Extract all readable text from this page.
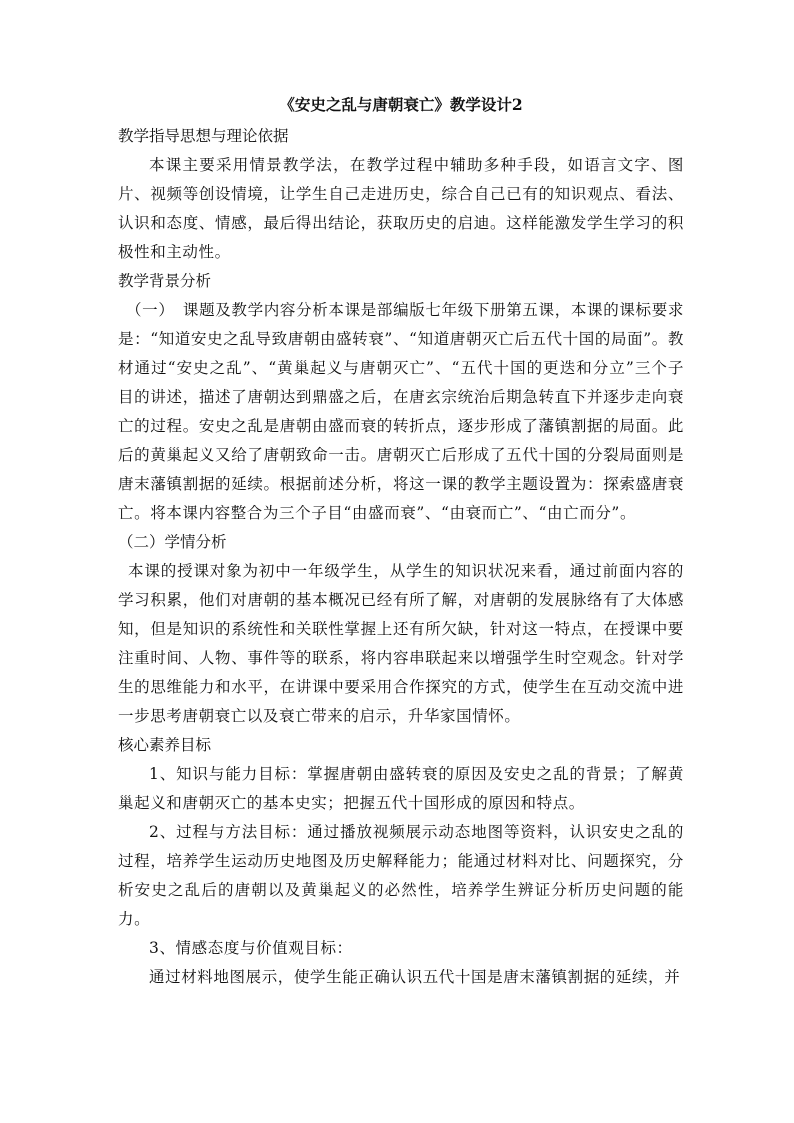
《安史之乱与唐朝衰亡》教学设计2
教学指导思想与理论依据

本课主要采用情景教学法，在教学过程中辅助多种手段，如语言文字、图片、视频等创设情境，让学生自己走进历史，综合自己已有的知识观点、看法、认识和态度、情感，最后得出结论，获取历史的启迪。这样能激发学生学习的积极性和主动性。

教学背景分析

（一）　课题及教学内容分析本课是部编版七年级下册第五课，本课的课标要求是：“知道安史之乱导致唐朝由盛转衰”、“知道唐朝灭亡后五代十国的局面”。教材通过“安史之乱”、“黄巢起义与唐朝灭亡”、“五代十国的更迭和分立”三个子目的讲述，描述了唐朝达到鼎盛之后，在唐玄宗统治后期急转直下并逐步走向衰亡的过程。安史之乱是唐朝由盛而衰的转折点，逐步形成了藩镇割据的局面。此后的黄巢起义又给了唐朝致命一击。唐朝灭亡后形成了五代十国的分裂局面则是唐末藩镇割据的延续。根据前述分析，将这一课的教学主题设置为：探索盛唐衰亡。将本课内容整合为三个子目“由盛而衰”、“由衰而亡”、“由亡而分”。

（二）学情分析

本课的授课对象为初中一年级学生，从学生的知识状况来看，通过前面内容的学习积累，他们对唐朝的基本概况已经有所了解，对唐朝的发展脉络有了大体感知，但是知识的系统性和关联性掌握上还有所欠缺，针对这一特点，在授课中要注重时间、人物、事件等的联系，将内容串联起来以增强学生时空观念。针对学生的思维能力和水平，在讲课中要采用合作探究的方式，使学生在互动交流中进一步思考唐朝衰亡以及衰亡带来的启示，升华家国情怀。

核心素养目标

1、知识与能力目标：掌握唐朝由盛转衰的原因及安史之乱的背景；了解黄巢起义和唐朝灭亡的基本史实；把握五代十国形成的原因和特点。

2、过程与方法目标：通过播放视频展示动态地图等资料，认识安史之乱的过程，培养学生运动历史地图及历史解释能力；能通过材料对比、问题探究，分析安史之乱后的唐朝以及黄巢起义的必然性，培养学生辨证分析历史问题的能力。

3、情感态度与价值观目标：

通过材料地图展示，使学生能正确认识五代十国是唐末藩镇割据的延续，并
